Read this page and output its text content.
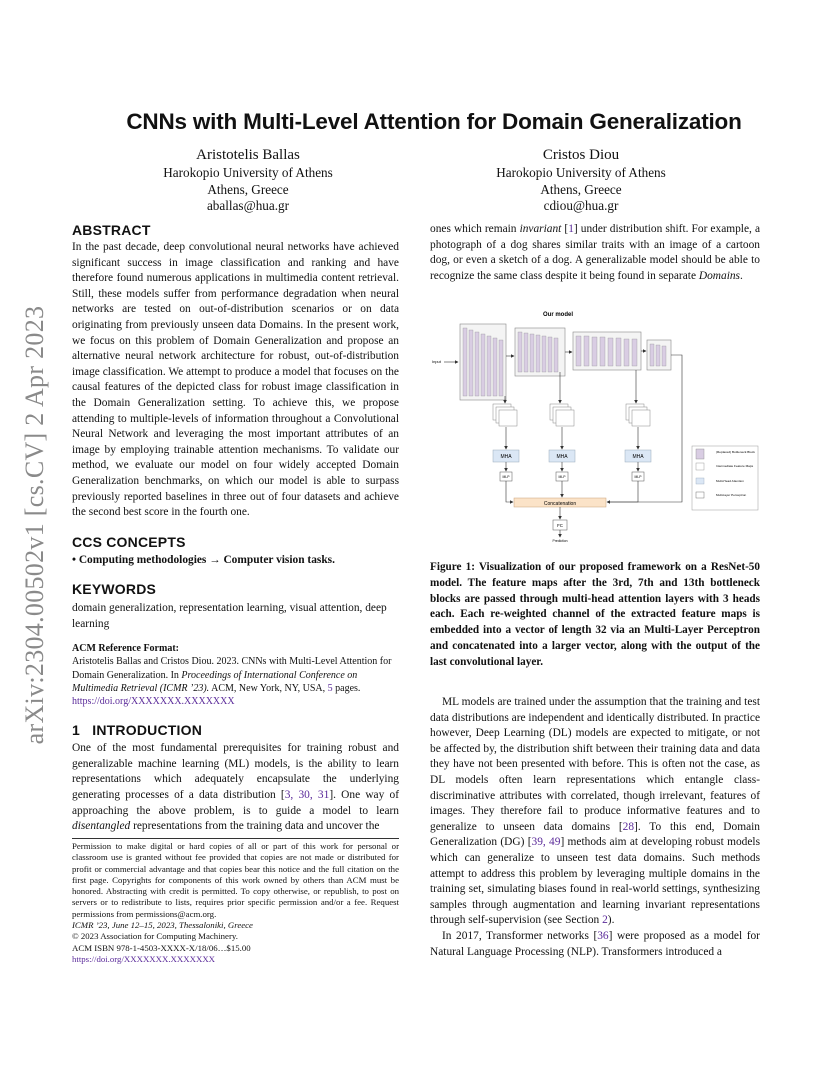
arXiv:2304.00502v1 [cs.CV] 2 Apr 2023
CNNs with Multi-Level Attention for Domain Generalization
Aristotelis Ballas
Harokopio University of Athens
Athens, Greece
aballas@hua.gr
Cristos Diou
Harokopio University of Athens
Athens, Greece
cdiou@hua.gr
ABSTRACT

In the past decade, deep convolutional neural networks have achieved significant success in image classification and ranking and have therefore found numerous applications in multimedia content retrieval. Still, these models suffer from performance degradation when neural networks are tested on out-of-distribution scenarios or on data originating from previously unseen data Domains. In the present work, we focus on this problem of Domain Generalization and propose an alternative neural network architecture for robust, out-of-distribution image classification. We attempt to produce a model that focuses on the causal features of the depicted class for robust image classification in the Domain Generalization setting. To achieve this, we propose attending to multiple-levels of information throughout a Convolutional Neural Network and leveraging the most important attributes of an image by employing trainable attention mechanisms. To validate our method, we evaluate our model on four widely accepted Domain Generalization benchmarks, on which our model is able to surpass previously reported baselines in three out of four datasets and achieve the second best score in the fourth one.

CCS CONCEPTS

• Computing methodologies → Computer vision tasks.

KEYWORDS

domain generalization, representation learning, visual attention, deep learning

ACM Reference Format:

Aristotelis Ballas and Cristos Diou. 2023. CNNs with Multi-Level Attention for Domain Generalization. In Proceedings of International Conference on Multimedia Retrieval (ICMR ’23). ACM, New York, NY, USA, 5 pages. https://doi.org/XXXXXXX.XXXXXXX

1 INTRODUCTION

One of the most fundamental prerequisites for training robust and generalizable machine learning (ML) models, is the ability to learn representations which adequately encapsulate the underlying generating processes of a data distribution [3, 30, 31]. One way of approaching the above problem, is to guide a model to learn disentangled representations from the training data and uncover the

Permission to make digital or hard copies of all or part of this work for personal or classroom use is granted without fee provided that copies are not made or distributed for profit or commercial advantage and that copies bear this notice and the full citation on the first page. Copyrights for components of this work owned by others than ACM must be honored. Abstracting with credit is permitted. To copy otherwise, or republish, to post on servers or to redistribute to lists, requires prior specific permission and/or a fee. Request permissions from permissions@acm.org.

ICMR ’23, June 12–15, 2023, Thessaloniki, Greece

© 2023 Association for Computing Machinery.

ACM ISBN 978-1-4503-XXXX-X/18/06…$15.00

https://doi.org/XXXXXXX.XXXXXXX

ones which remain invariant [1] under distribution shift. For example, a photograph of a dog shares similar traits with an image of a cartoon dog, or even a sketch of a dog. A generalizable model should be able to recognize the same class despite it being found in separate Domains.

Our model
Input
MHA	MHA	MHA
MLP	MLP	MLP
Concatenation
FC
Prediction
(Replaced) Bottleneck Block
Intermediate Feature Maps
Multi-Head Attention
Multi-layer Perceptron
Figure 1: Visualization of our proposed framework on a ResNet-50 model. The feature maps after the 3rd, 7th and 13th bottleneck blocks are passed through multi-head attention layers with 3 heads each. Each re-weighted channel of the extracted feature maps is embedded into a vector of length 32 via an Multi-Layer Perceptron and concatenated into a larger vector, along with the output of the last convolutional layer.

ML models are trained under the assumption that the training and test data distributions are independent and identically distributed. In practice however, Deep Learning (DL) models are expected to mitigate, or not be affected by, the distribution shift between their training data and data they have not been presented with before. This is often not the case, as DL models often learn representations which entangle class-discriminative attributes with correlated, though irrelevant, features of images. They therefore fail to produce informative features and to generalize to unseen data domains [28]. To this end, Domain Generalization (DG) [39, 49] methods aim at developing robust models which can generalize to unseen test data domains. Such methods attempt to address this problem by leveraging multiple domains in the training set, simulating biases found in real-world settings, synthesizing samples through augmentation and learning invariant representations through self-supervision (see Section 2).

In 2017, Transformer networks [36] were proposed as a model for Natural Language Processing (NLP). Transformers introduced a
